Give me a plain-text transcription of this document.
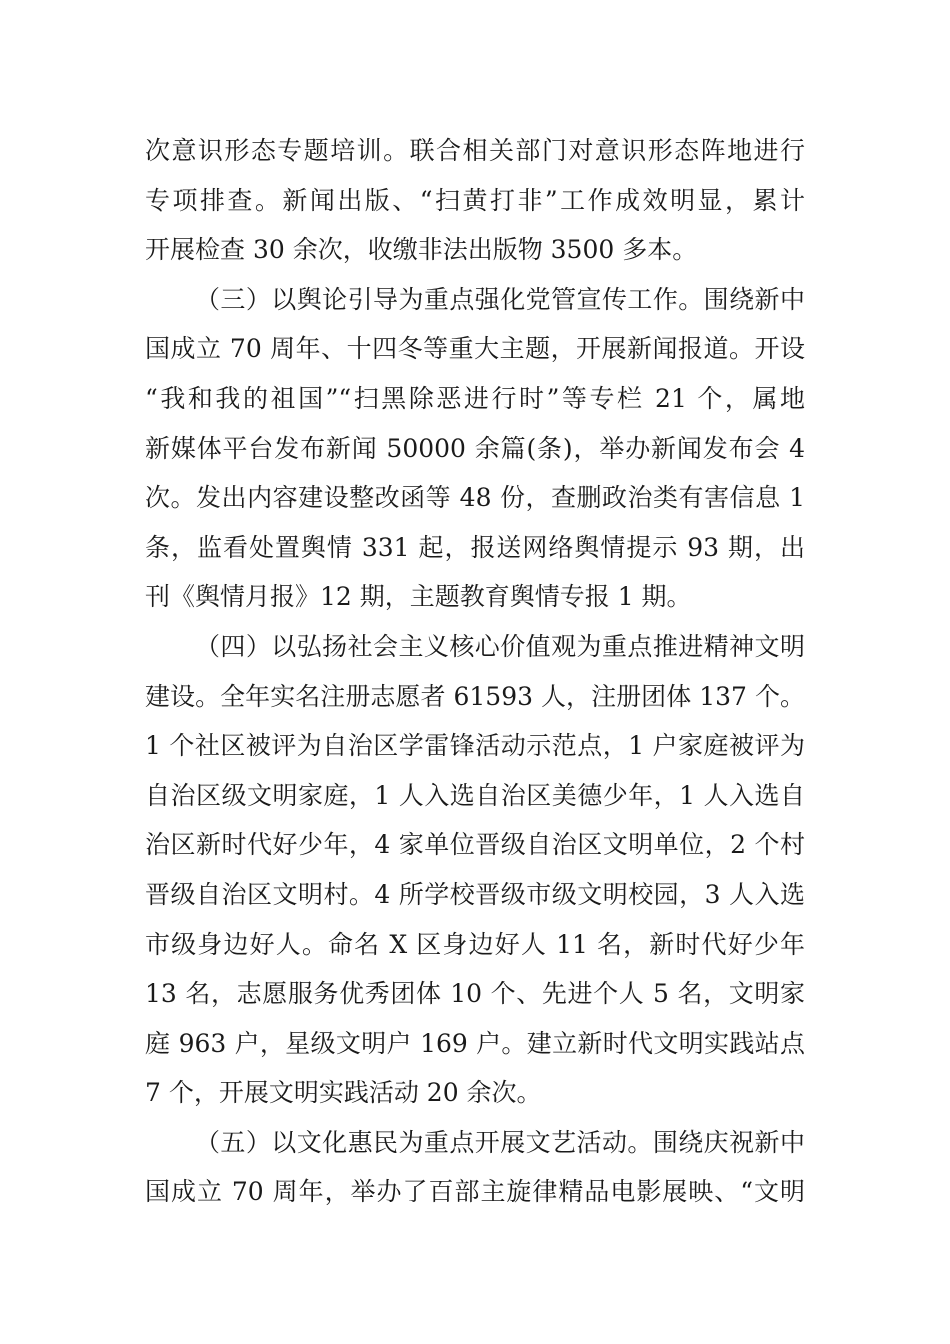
次意识形态专题培训。联合相关部门对意识形态阵地进行
专项排查。新闻出版、“扫黄打非”工作成效明显，累计
开展检查 30 余次，收缴非法出版物 3500 多本。
（三）以舆论引导为重点强化党管宣传工作。围绕新中
国成立 70 周年、十四冬等重大主题，开展新闻报道。开设
“我和我的祖国”“扫黑除恶进行时”等专栏 21 个，属地
新媒体平台发布新闻 50000 余篇(条)，举办新闻发布会 4
次。发出内容建设整改函等 48 份，查删政治类有害信息 1
条，监看处置舆情 331 起，报送网络舆情提示 93 期，出
刊《舆情月报》12 期，主题教育舆情专报 1 期。
（四）以弘扬社会主义核心价值观为重点推进精神文明
建设。全年实名注册志愿者 61593 人，注册团体 137 个。
1 个社区被评为自治区学雷锋活动示范点，1 户家庭被评为
自治区级文明家庭，1 人入选自治区美德少年，1 人入选自
治区新时代好少年，4 家单位晋级自治区文明单位，2 个村
晋级自治区文明村。4 所学校晋级市级文明校园，3 人入选
市级身边好人。命名 X 区身边好人 11 名，新时代好少年
13 名，志愿服务优秀团体 10 个、先进个人 5 名，文明家
庭 963 户，星级文明户 169 户。建立新时代文明实践站点
7 个，开展文明实践活动 20 余次。
（五）以文化惠民为重点开展文艺活动。围绕庆祝新中
国成立 70 周年，举办了百部主旋律精品电影展映、“文明
